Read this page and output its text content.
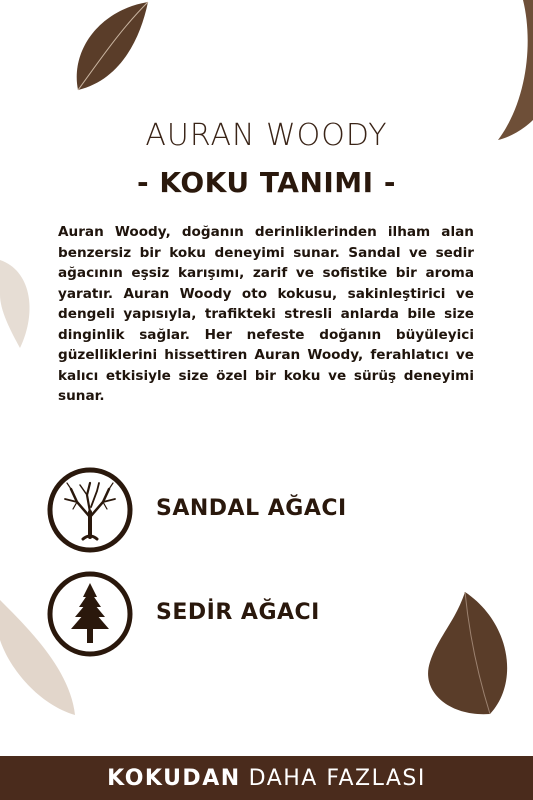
AURAN WOODY
- KOKU TANIMI -
Auran Woody, doğanın derinliklerinden ilham alan benzersiz bir koku deneyimi sunar. Sandal ve sedir ağacının eşsiz karışımı, zarif ve sofistike bir aroma yaratır. Auran Woody oto kokusu, sakinleştirici ve dengeli yapısıyla, trafikteki stresli anlarda bile size dinginlik sağlar. Her nefeste doğanın büyüleyici güzelliklerini hissettiren Auran Woody, ferahlatıcı ve kalıcı etkisiyle size özel bir koku ve sürüş deneyimi sunar.
SANDAL AĞACI
SEDİR AĞACI
KOKUDAN DAHA FAZLASI
